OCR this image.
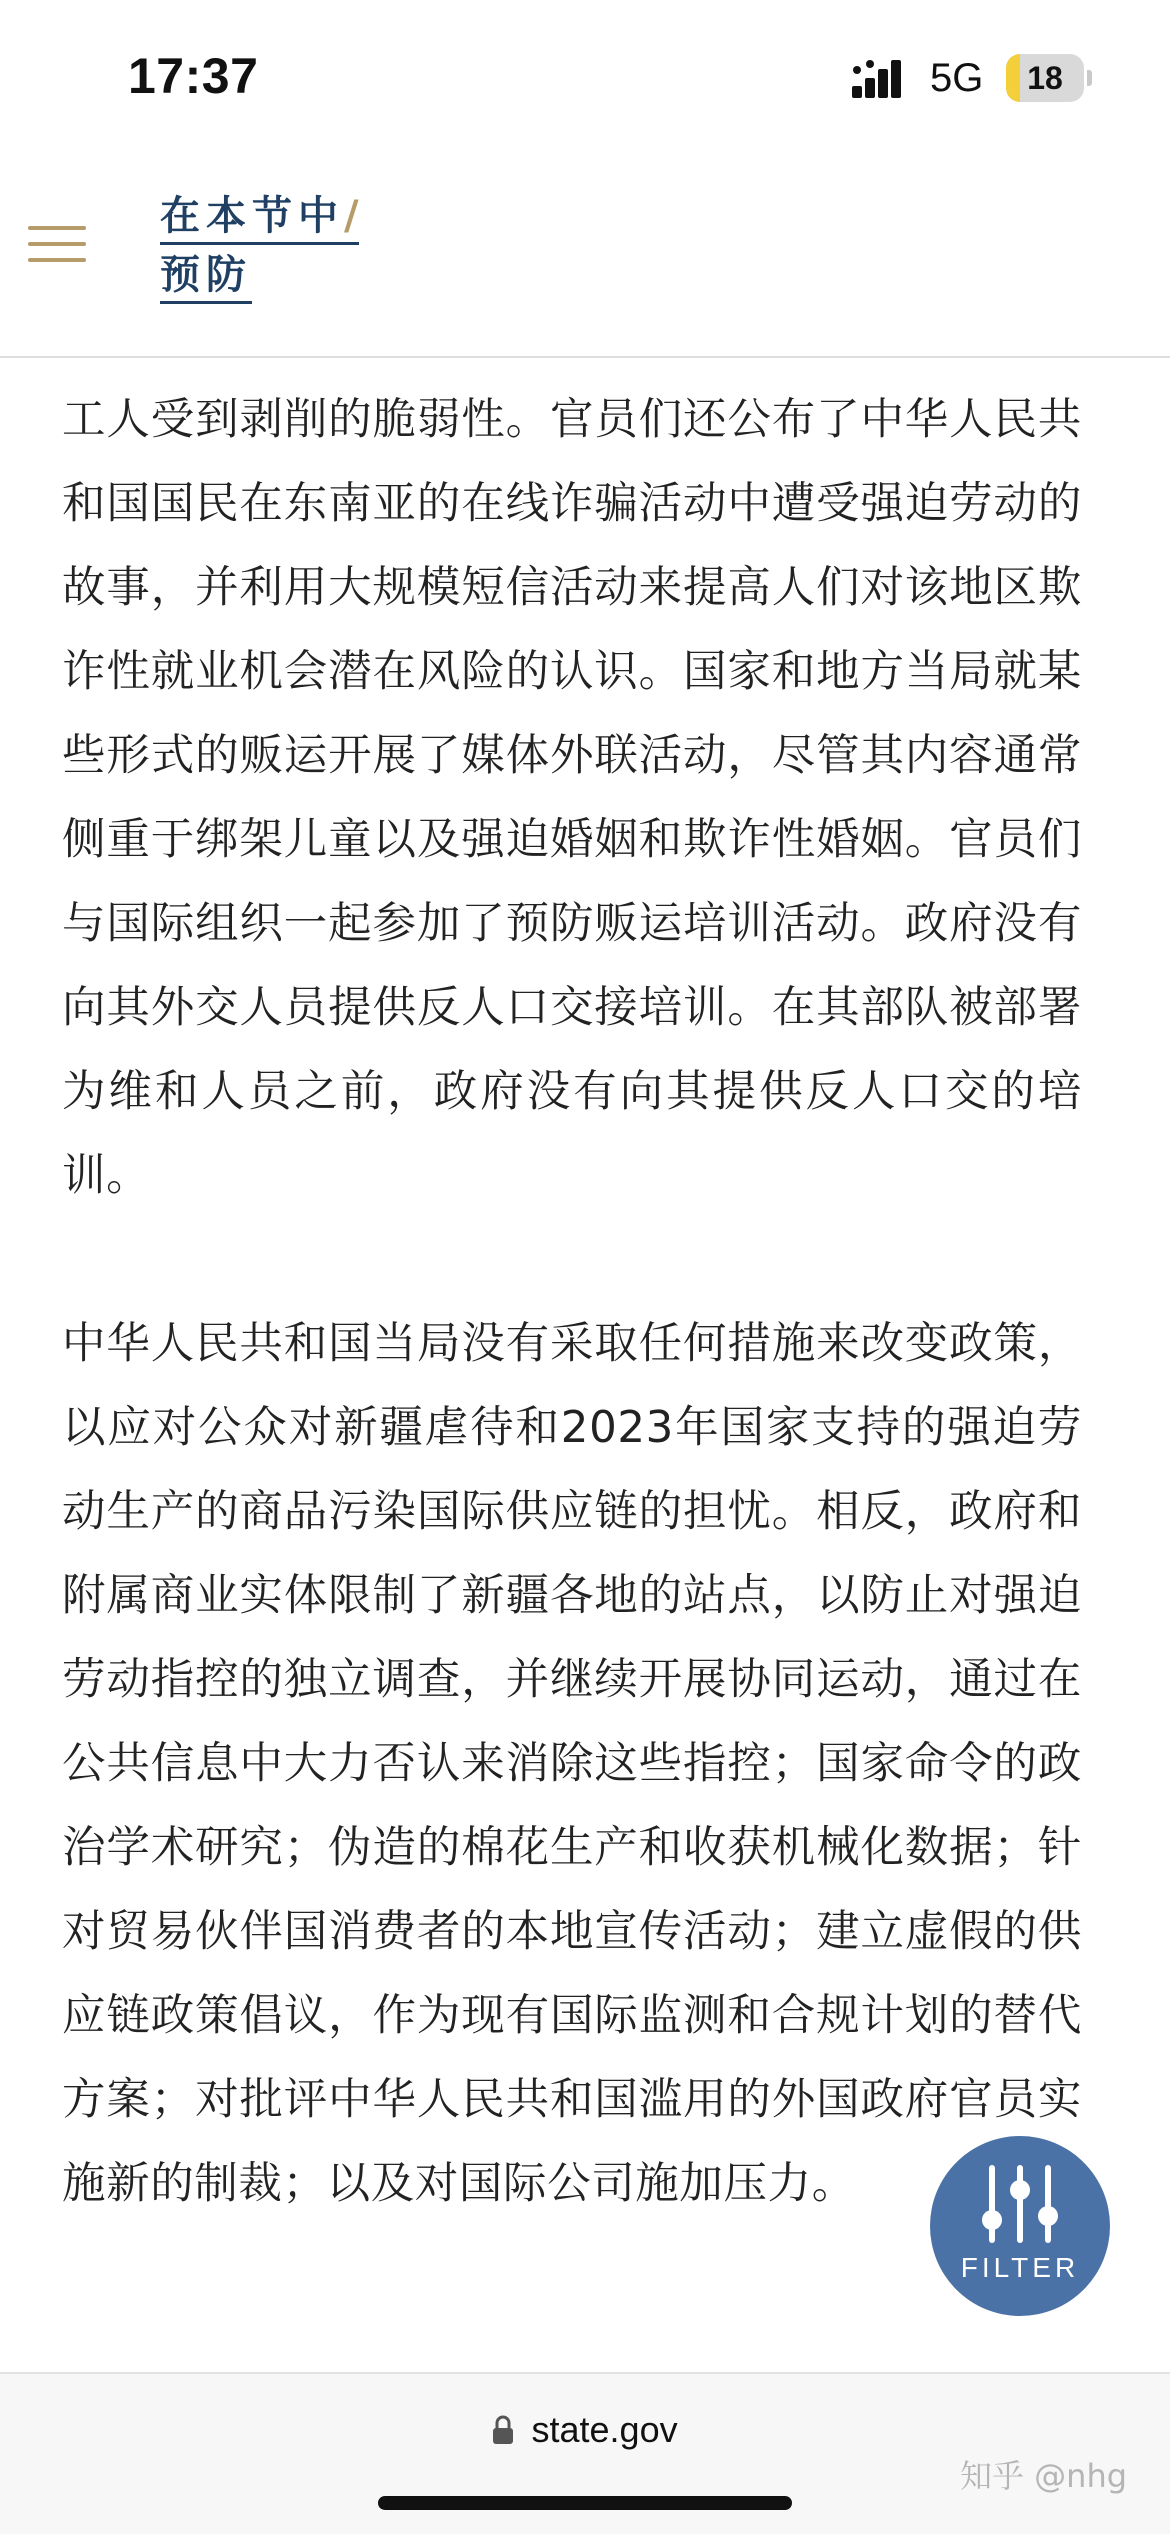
17:37	5G	18
在本节中/
预防

工人受到剥削的脆弱性。官员们还公布了中华人民共和国国民在东南亚的在线诈骗活动中遭受强迫劳动的故事，并利用大规模短信活动来提高人们对该地区欺诈性就业机会潜在风险的认识。国家和地方当局就某些形式的贩运开展了媒体外联活动，尽管其内容通常侧重于绑架儿童以及强迫婚姻和欺诈性婚姻。官员们与国际组织一起参加了预防贩运培训活动。政府没有向其外交人员提供反人口交接培训。在其部队被部署为维和人员之前，政府没有向其提供反人口交的培训。

中华人民共和国当局没有采取任何措施来改变政策，以应对公众对新疆虐待和2023年国家支持的强迫劳动生产的商品污染国际供应链的担忧。相反，政府和附属商业实体限制了新疆各地的站点，以防止对强迫劳动指控的独立调查，并继续开展协同运动，通过在公共信息中大力否认来消除这些指控；国家命令的政治学术研究；伪造的棉花生产和收获机械化数据；针对贸易伙伴国消费者的本地宣传活动；建立虚假的供应链政策倡议，作为现有国际监测和合规计划的替代方案；对批评中华人民共和国滥用的外国政府官员实施新的制裁；以及对国际公司施加压力。

FILTER
state.gov
知乎 @nhg
